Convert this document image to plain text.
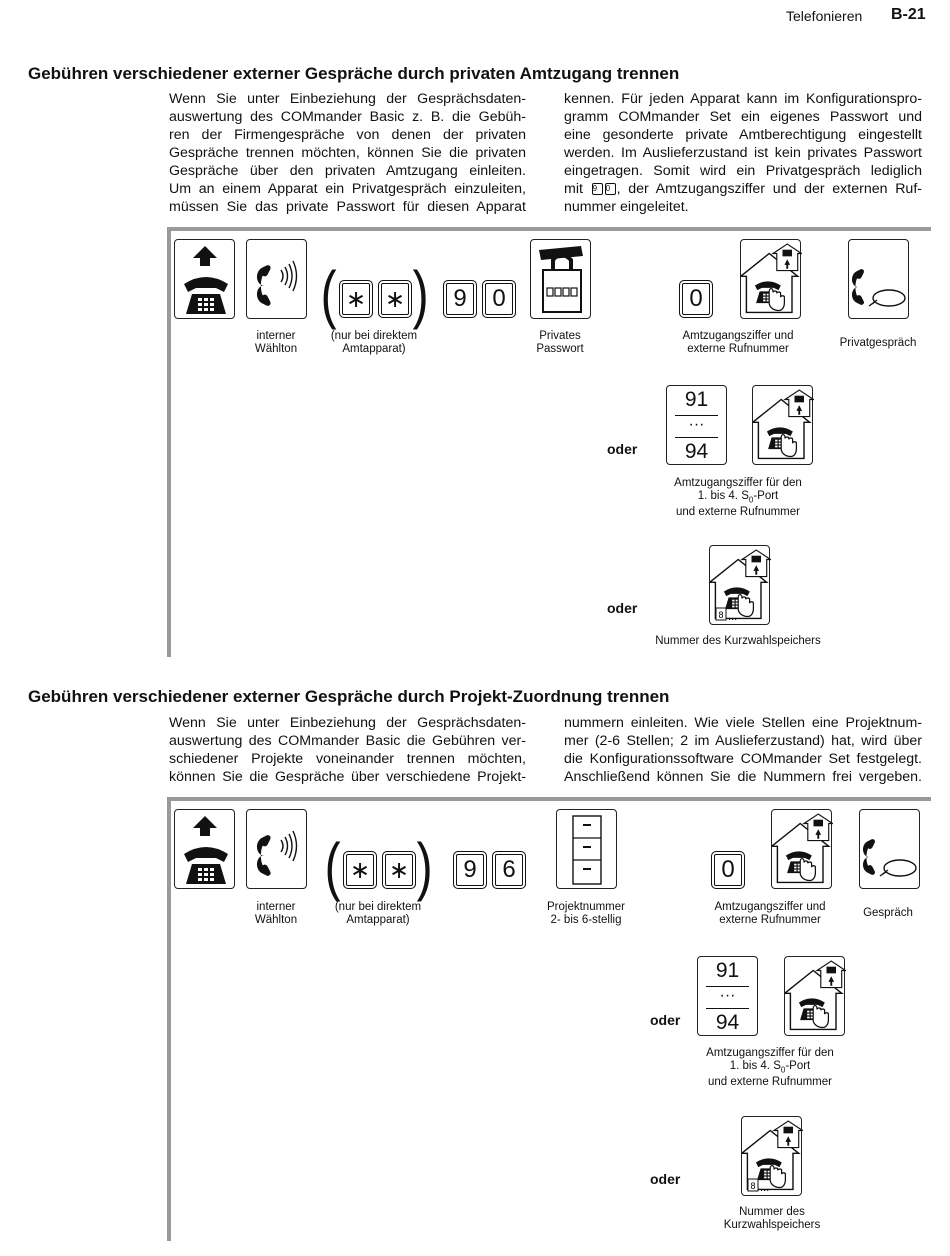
Telefonieren B-21
Gebühren verschiedener externer Gespräche durch privaten Amtzugang trennen
Wenn Sie unter Einbeziehung der Gesprächsdaten-
auswertung des COMmander Basic z. B. die Gebüh-
ren der Firmengespräche von denen der privaten
Gespräche trennen möchten, können Sie die privaten
Gespräche über den privaten Amtzugang einleiten.
Um an einem Apparat ein Privatgespräch einzuleiten,
müssen Sie das private Passwort für diesen Apparat
kennen. Für jeden Apparat kann im Konfigurationspro-
gramm COMmander Set ein eigenes Passwort und
eine gesonderte private Amtberechtigung eingestellt
werden. Im Auslieferzustand ist kein privates Passwort
eingetragen. Somit wird ein Privatgespräch lediglich
mit 9 0 , der Amtzugangsziffer und der externen Ruf-
nummer eingeleitet.
interner
Wählton
( ∗ ∗ )
(nur bei direktem
Amtapparat)
9	0
Privates
Passwort
0
Amtzugangsziffer und
externe Rufnummer	Privatgespräch
oder
91
···
94
Amtzugangsziffer für den
1. bis 4. $S_0$-Port
und externe Rufnummer
oder	8 ...
Nummer des Kurzwahlspeichers
Gebühren verschiedener externer Gespräche durch Projekt-Zuordnung trennen
Wenn Sie unter Einbeziehung der Gesprächsdaten-
auswertung des COMmander Basic die Gebühren ver-
schiedener Projekte voneinander trennen möchten,
können Sie die Gespräche über verschiedene Projekt-
nummern einleiten. Wie viele Stellen eine Projektnum-
mer (2-6 Stellen; 2 im Auslieferzustand) hat, wird über
die Konfigurationssoftware COMmander Set festgelegt.
Anschließend können Sie die Nummern frei vergeben.
interner
Wählton
( ∗ ∗ )
(nur bei direktem
Amtapparat)
9	6
Projektnummer
2- bis 6-stellig
0
Amtzugangsziffer und
externe Rufnummer
Gespräch
oder
91
···
94
Amtzugangsziffer für den
1. bis 4. $S_0$-Port
und externe Rufnummer
oder	8 ...
Nummer des
Kurzwahlspeichers
